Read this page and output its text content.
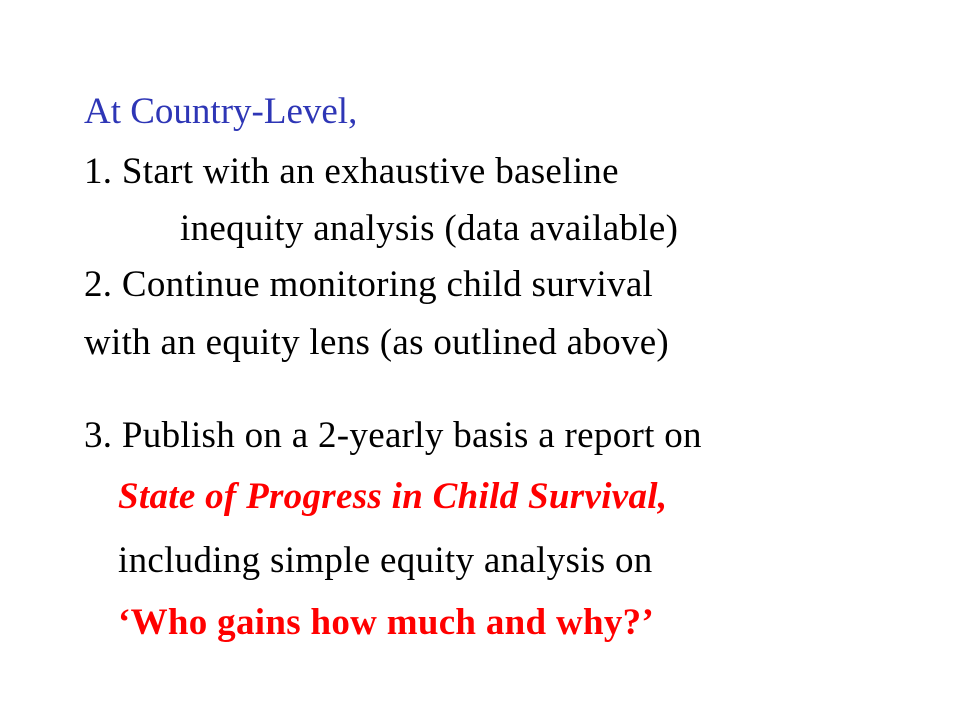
At Country-Level,

1. Start with an exhaustive baseline

inequity analysis (data available)

2. Continue monitoring child survival

with an equity lens (as outlined above)

3. Publish on a 2-yearly basis a report on

State of Progress in Child Survival,

including simple equity analysis on

‘Who gains how much and why?’
